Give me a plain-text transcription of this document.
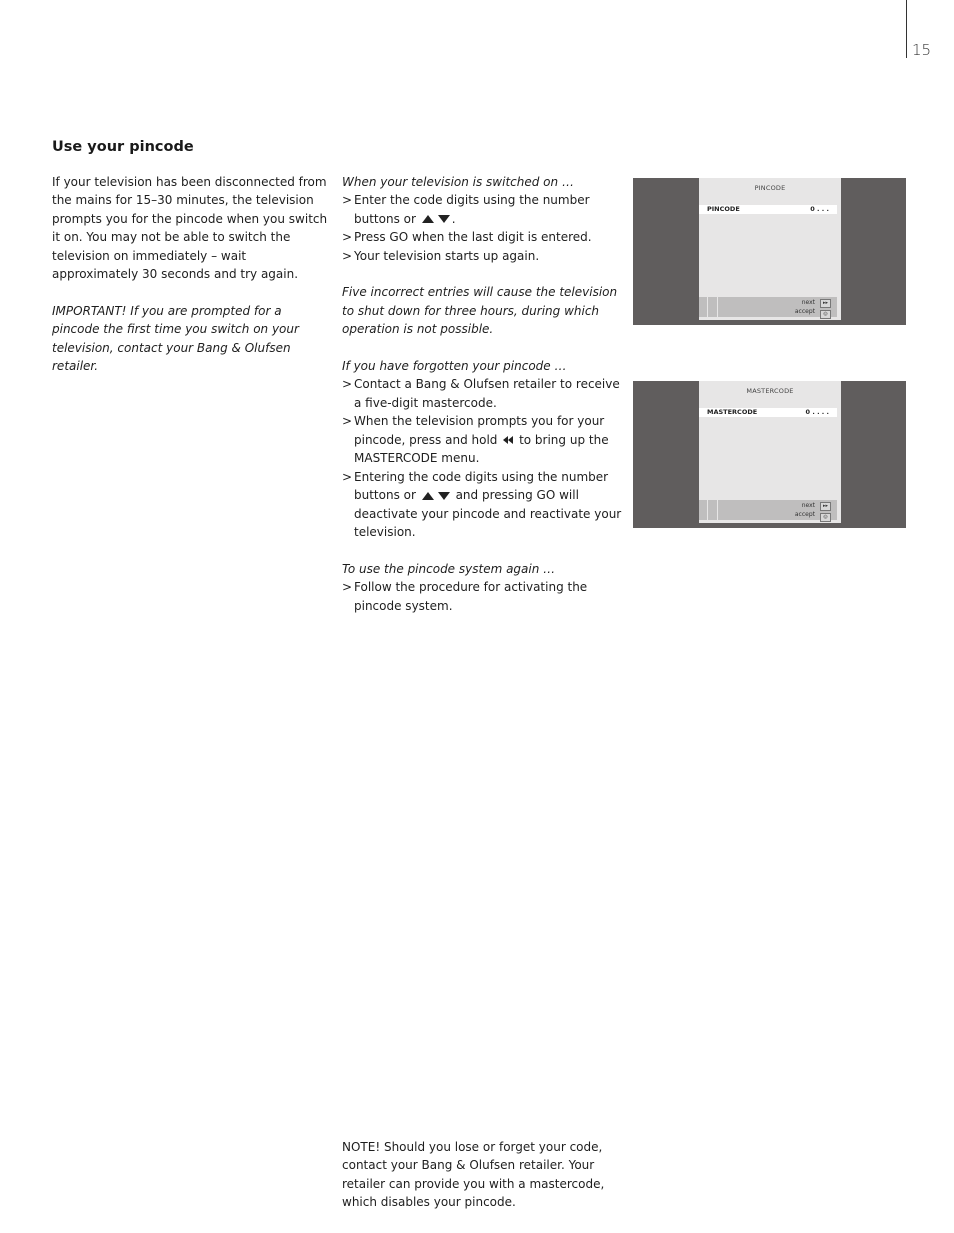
15
Use your pincode

If your television has been disconnected from the mains for 15–30 minutes, the television prompts you for the pincode when you switch it on. You may not be able to switch the television on immediately – wait approximately 30 seconds and try again.

IMPORTANT! If you are prompted for a pincode the first time you switch on your television, contact your Bang & Olufsen retailer.

When your television is switched on …

> Enter the code digits using the number buttons or	.
> Press GO when the last digit is entered.
> Your television starts up again.

Five incorrect entries will cause the television to shut down for three hours, during which operation is not possible.

If you have forgotten your pincode …

> Contact a Bang & Olufsen retailer to receive a five-digit mastercode.
> When the television prompts you for your pincode, press and hold to bring up the MASTERCODE menu.
> Entering the code digits using the number buttons or	and pressing GO will deactivate your pincode and reactivate your television.

To use the pincode system again …

> Follow the procedure for activating the pincode system.
PINCODE
PINCODE	0 . . .
next
accept
▸▸
◎
MASTERCODE
MASTERCODE	0 . . . .
next
accept
▸▸
◎

NOTE! Should you lose or forget your code, contact your Bang & Olufsen retailer. Your retailer can provide you with a mastercode, which disables your pincode.
